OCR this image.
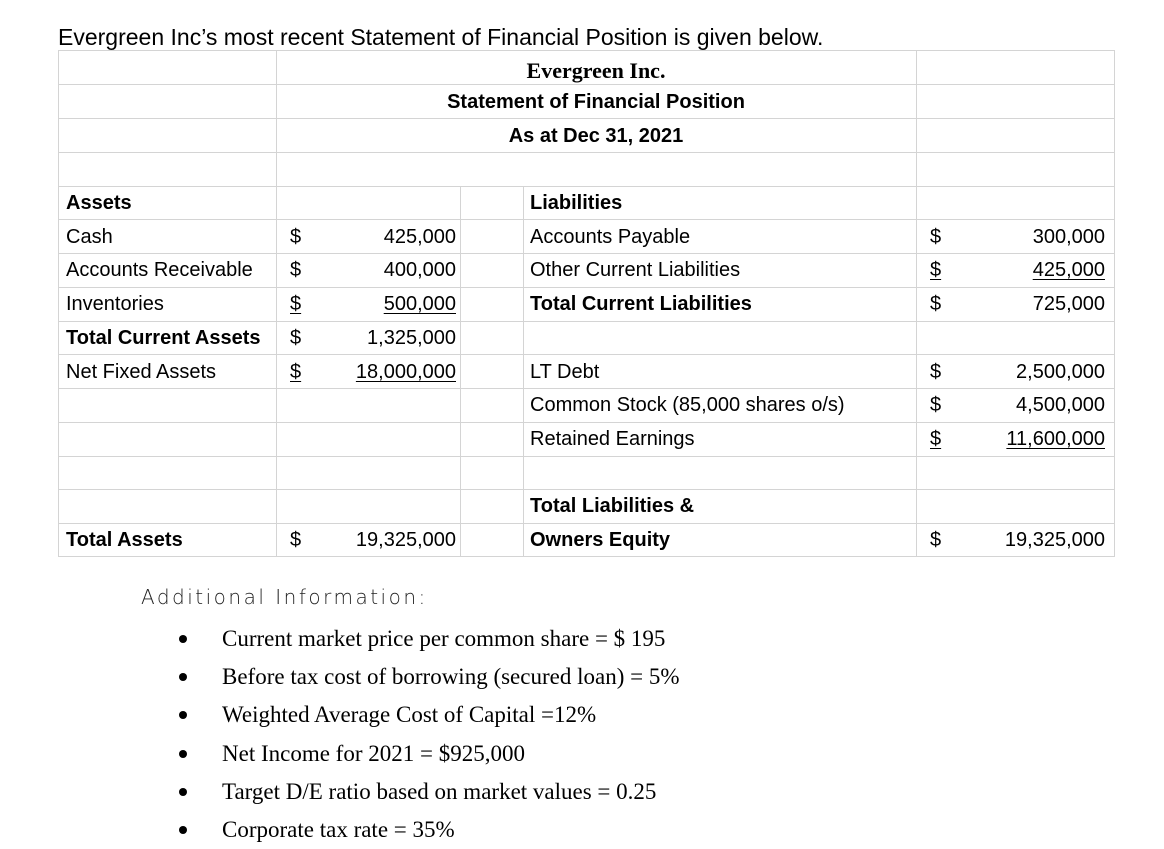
Evergreen Inc’s most recent Statement of Financial Position is given below.
Evergreen Inc.
Statement of Financial Position
As at Dec 31, 2021
Assets
Cash	$	425,000
Accounts Receivable $	400,000
Inventories	$	500,000
Total Current Assets $	1,325,000
Net Fixed Assets	$	18,000,000
Total Assets	$	19,325,000
Liabilities
Accounts Payable	$	300,000
Other Current Liabilities	$	425,000
Total Current Liabilities	$	725,000
LT Debt	$	2,500,000
Common Stock (85,000 shares o/s)	$	4,500,000
Retained Earnings	$	11,600,000
Total Liabilities &
Owners Equity	$	19,325,000
Additional Information:
Current market price per common share = $ 195
Before tax cost of borrowing (secured loan) = 5%
Weighted Average Cost of Capital =12%
Net Income for 2021 = $925,000
Target D/E ratio based on market values = 0.25
Corporate tax rate = 35%
